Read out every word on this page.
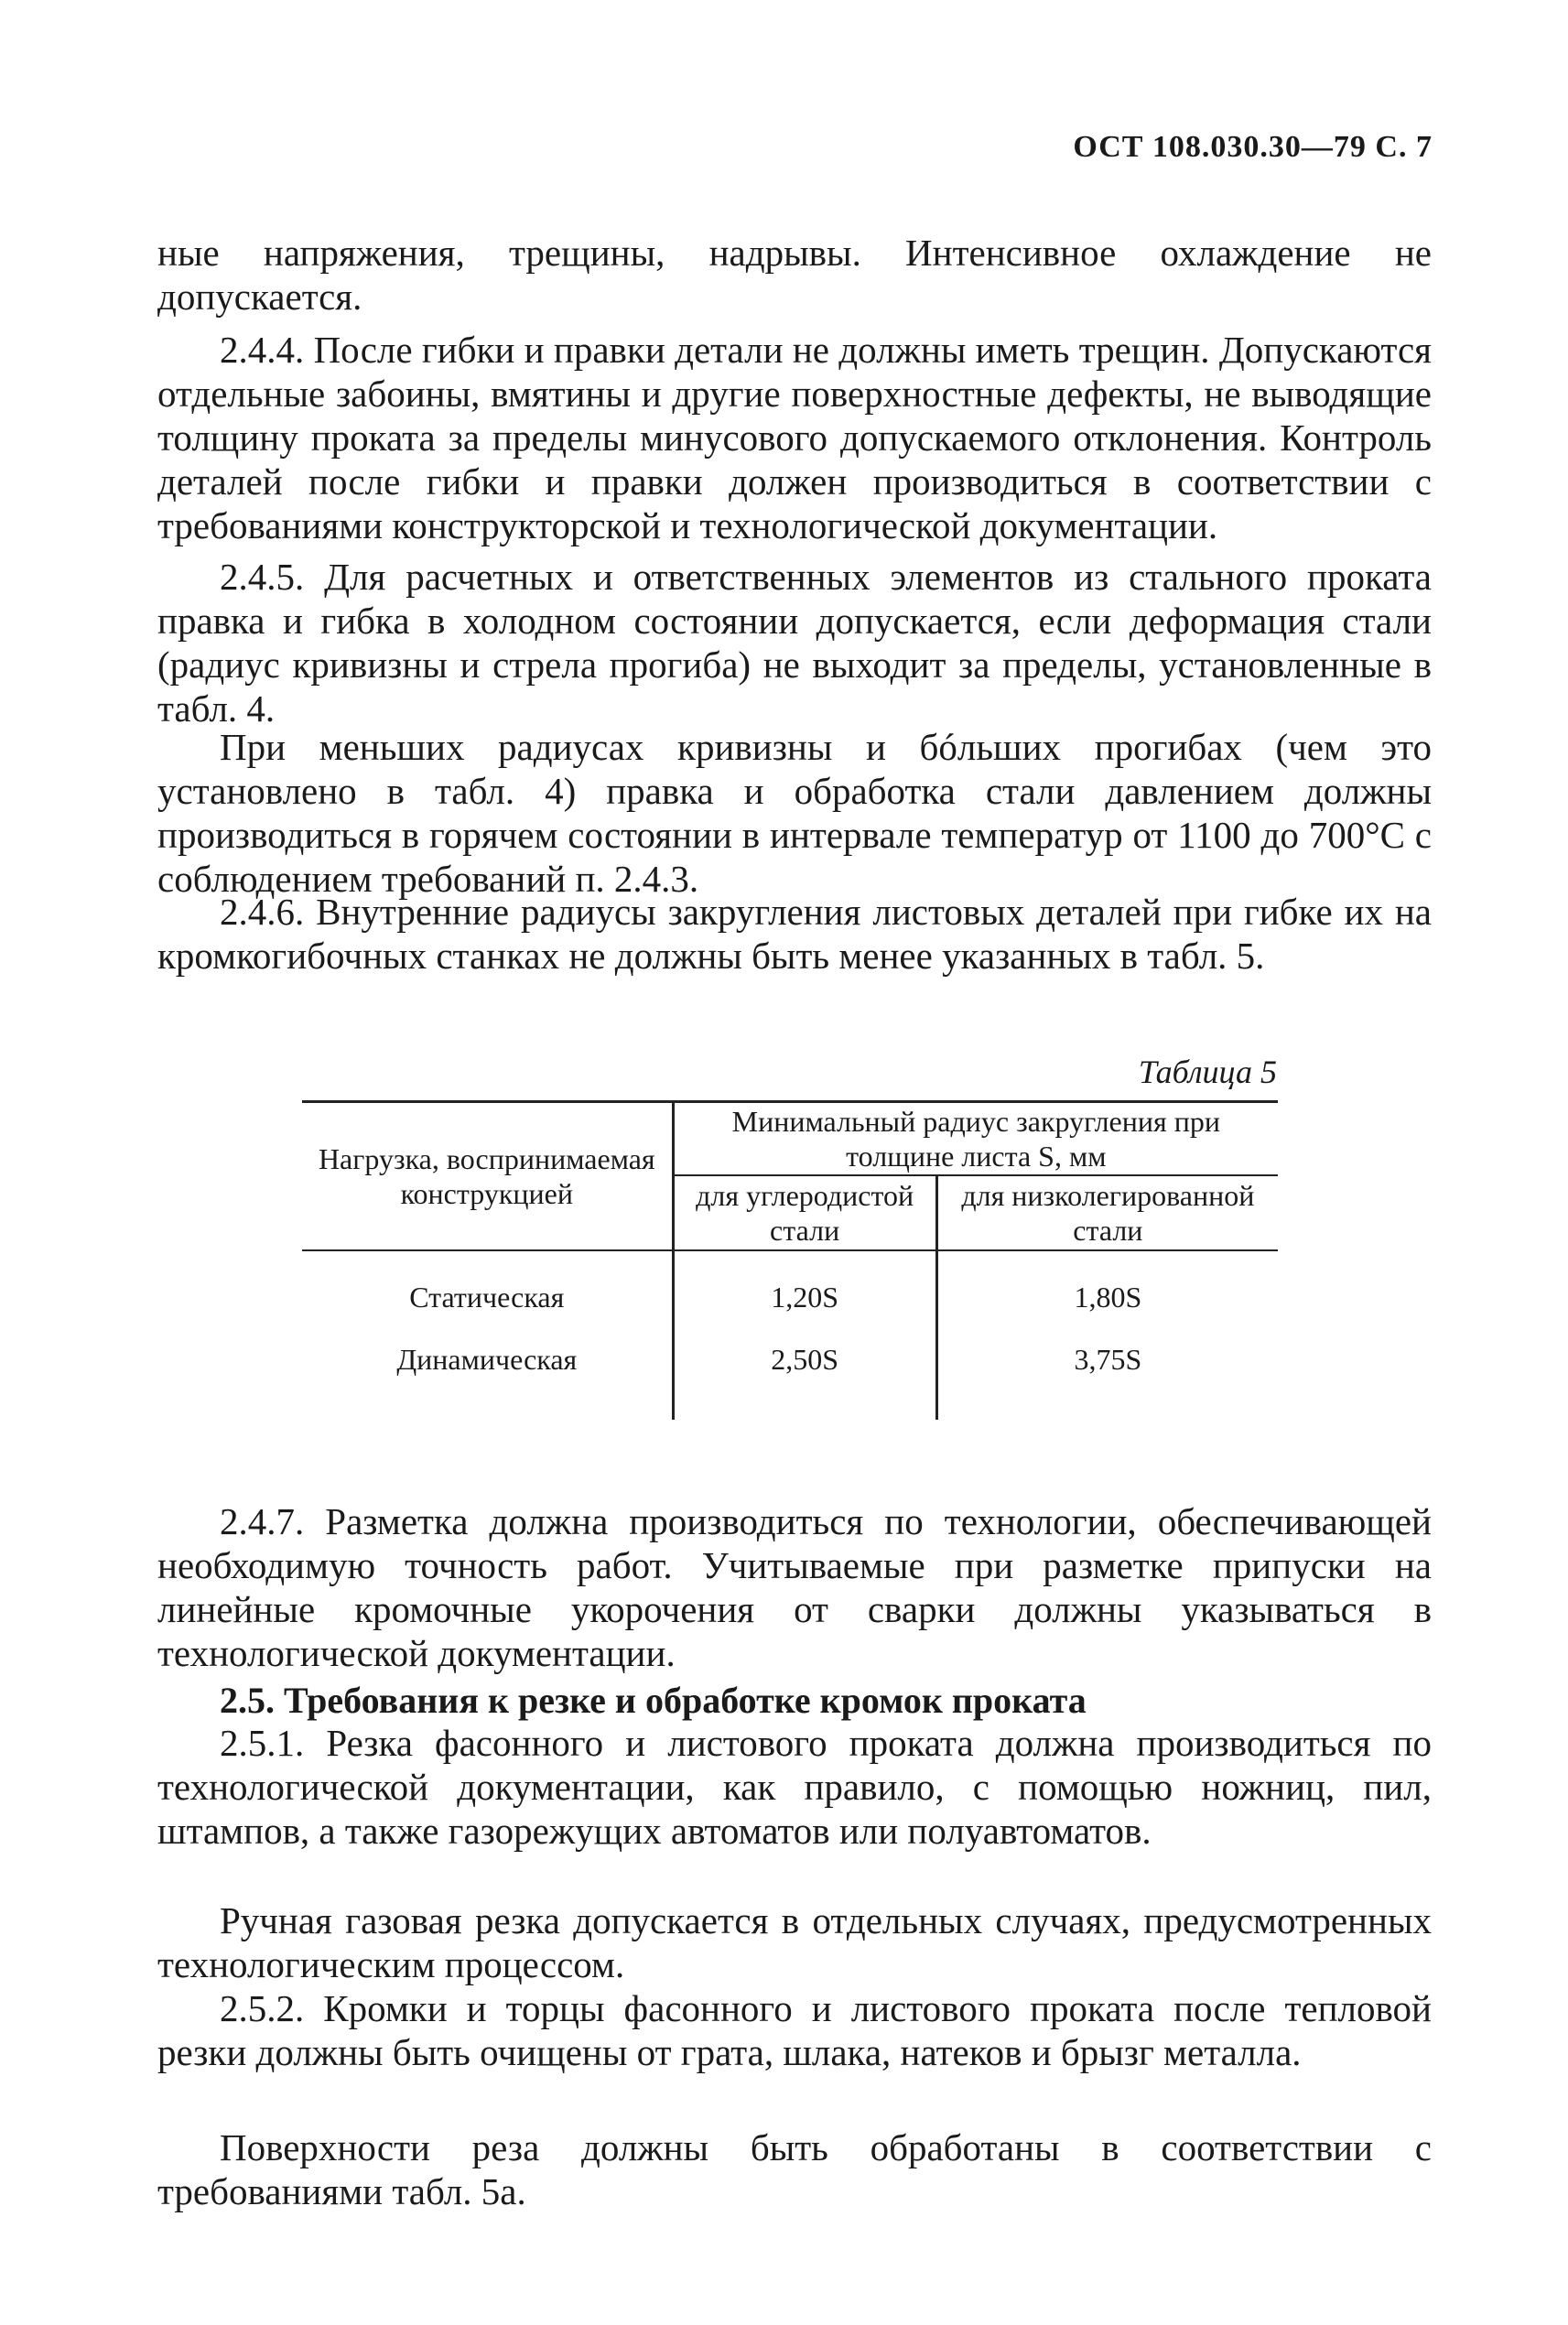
ОСТ 108.030.30—79 С. 7
ные напряжения, трещины, надрывы. Интенсивное охлаждение не допускается.
2.4.4. После гибки и правки детали не должны иметь трещин. Допускаются отдельные забоины, вмятины и другие поверхностные дефекты, не выводящие толщину проката за пределы минусового допускаемого отклонения. Контроль деталей после гибки и правки должен производиться в соответствии с требованиями конструкторской и технологической документации.
2.4.5. Для расчетных и ответственных элементов из стального проката правка и гибка в холодном состоянии допускается, если деформация стали (радиус кривизны и стрела прогиба) не выходит за пределы, установленные в табл. 4.
При меньших радиусах кривизны и бóльших прогибах (чем это установлено в табл. 4) правка и обработка стали давлением должны производиться в горячем состоянии в интервале температур от 1100 до 700°С с соблюдением требований п. 2.4.3.
2.4.6. Внутренние радиусы закругления листовых деталей при гибке их на кромкогибочных станках не должны быть менее указанных в табл. 5.
Таблица 5
Нагрузка, воспринимаемая конструкцией	Минимальный радиус закругления при толщине листа S, мм	
	для углеродистой стали	для низколегированной стали
Статическая	1,20S	1,80S
Динамическая	2,50S	3,75S
2.4.7. Разметка должна производиться по технологии, обеспечивающей необходимую точность работ. Учитываемые при разметке припуски на линейные кромочные укорочения от сварки должны указываться в технологической документации.
2.5. Требования к резке и обработке кромок проката
2.5.1. Резка фасонного и листового проката должна производиться по технологической документации, как правило, с помощью ножниц, пил, штампов, а также газорежущих автоматов или полуавтоматов.
Ручная газовая резка допускается в отдельных случаях, предусмотренных технологическим процессом.
2.5.2. Кромки и торцы фасонного и листового проката после тепловой резки должны быть очищены от грата, шлака, натеков и брызг металла.
Поверхности реза должны быть обработаны в соответствии с требованиями табл. 5а.
